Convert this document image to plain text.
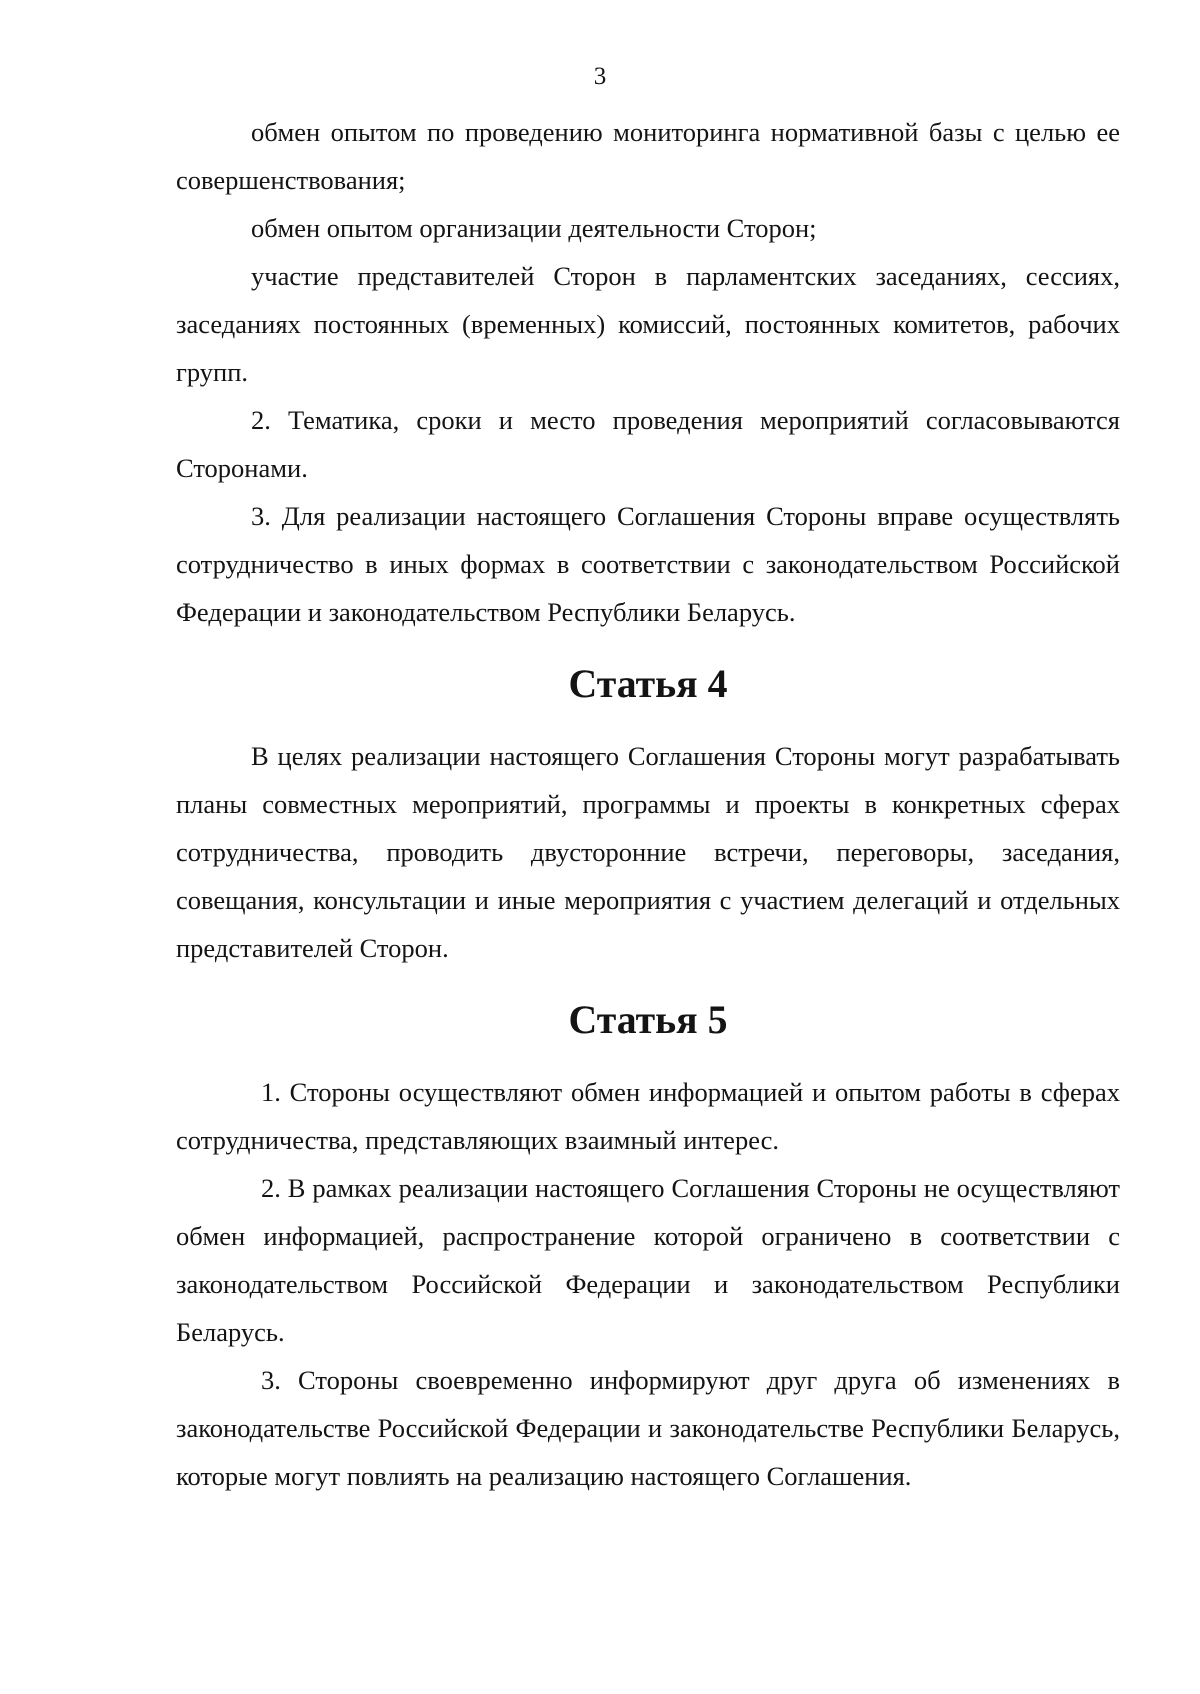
3

обмен опытом по проведению мониторинга нормативной базы с целью ее совершенствования;

обмен опытом организации деятельности Сторон;

участие представителей Сторон в парламентских заседаниях, сессиях, заседаниях постоянных (временных) комиссий, постоянных комитетов, рабочих групп.

2. Тематика, сроки и место проведения мероприятий согласовываются Сторонами.

3. Для реализации настоящего Соглашения Стороны вправе осуществлять сотрудничество в иных формах в соответствии с законодательством Российской Федерации и законодательством Республики Беларусь.

Статья 4

В целях реализации настоящего Соглашения Стороны могут разрабатывать планы совместных мероприятий, программы и проекты в конкретных сферах сотрудничества, проводить двусторонние встречи, переговоры, заседания, совещания, консультации и иные мероприятия с участием делегаций и отдельных представителей Сторон.

Статья 5

1. Стороны осуществляют обмен информацией и опытом работы в сферах сотрудничества, представляющих взаимный интерес.

2. В рамках реализации настоящего Соглашения Стороны не осуществляют обмен информацией, распространение которой ограничено в соответствии с законодательством Российской Федерации и законодательством Республики Беларусь.

3. Стороны своевременно информируют друг друга об изменениях в законодательстве Российской Федерации и законодательстве Республики Беларусь, которые могут повлиять на реализацию настоящего Соглашения.
